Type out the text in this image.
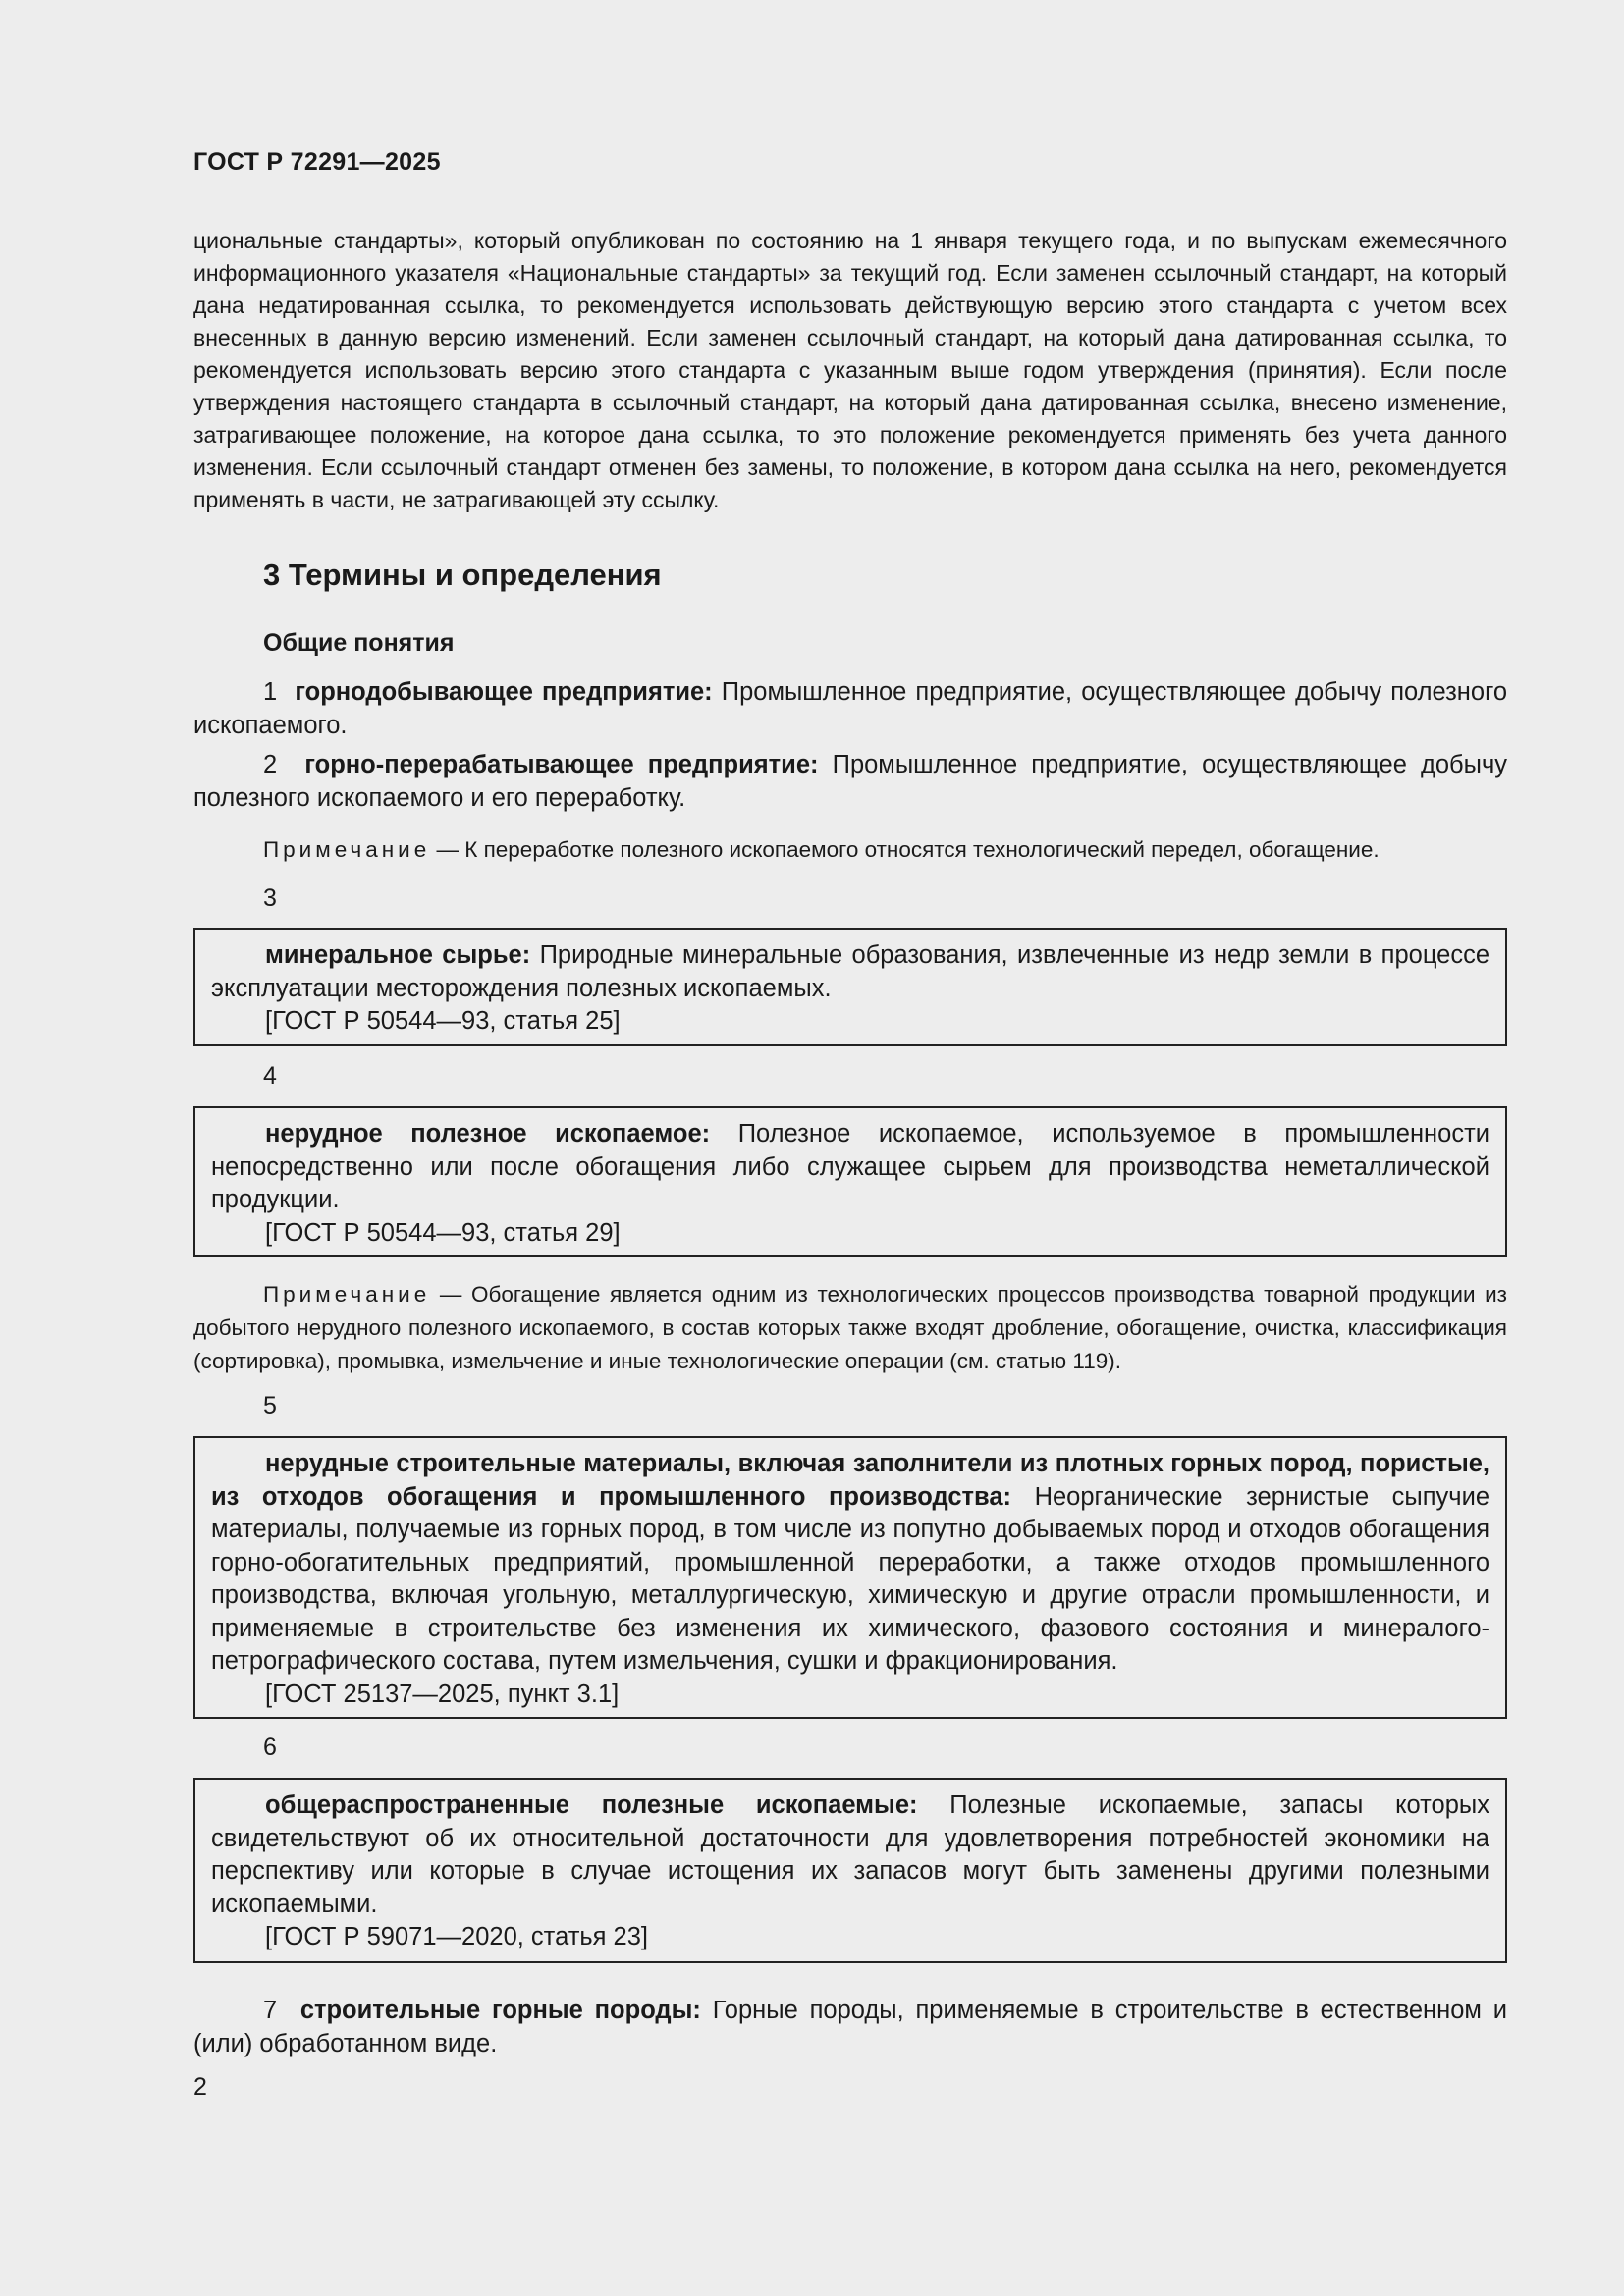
ГОСТ Р 72291—2025

циональные стандарты», который опубликован по состоянию на 1 января текущего года, и по выпускам ежемесячного информационного указателя «Национальные стандарты» за текущий год. Если заменен ссылочный стандарт, на который дана недатированная ссылка, то рекомендуется использовать действующую версию этого стандарта с учетом всех внесенных в данную версию изменений. Если заменен ссылочный стандарт, на который дана датированная ссылка, то рекомендуется использовать версию этого стандарта с указанным выше годом утверждения (принятия). Если после утверждения настоящего стандарта в ссылочный стандарт, на который дана датированная ссылка, внесено изменение, затрагивающее положение, на которое дана ссылка, то это положение рекомендуется применять без учета данного изменения. Если ссылочный стандарт отменен без замены, то положение, в котором дана ссылка на него, рекомендуется применять в части, не затрагивающей эту ссылку.

3 Термины и определения
Общие понятия

1 горнодобывающее предприятие: Промышленное предприятие, осуществляющее добычу полезного ископаемого.

2 горно-перерабатывающее предприятие: Промышленное предприятие, осуществляющее добычу полезного ископаемого и его переработку.

Примечание — К переработке полезного ископаемого относятся технологический передел, обогащение.

3

минеральное сырье: Природные минеральные образования, извлеченные из недр земли в процессе эксплуатации месторождения полезных ископаемых.

[ГОСТ Р 50544—93, статья 25]

4

нерудное полезное ископаемое: Полезное ископаемое, используемое в промышленности непосредственно или после обогащения либо служащее сырьем для производства неметаллической продукции.

[ГОСТ Р 50544—93, статья 29]

Примечание — Обогащение является одним из технологических процессов производства товарной продукции из добытого нерудного полезного ископаемого, в состав которых также входят дробление, обогащение, очистка, классификация (сортировка), промывка, измельчение и иные технологические операции (см. статью 119).

5

нерудные строительные материалы, включая заполнители из плотных горных пород, пористые, из отходов обогащения и промышленного производства: Неорганические зернистые сыпучие материалы, получаемые из горных пород, в том числе из попутно добываемых пород и отходов обогащения горно-обогатительных предприятий, промышленной переработки, а также отходов промышленного производства, включая угольную, металлургическую, химическую и другие отрасли промышленности, и применяемые в строительстве без изменения их химического, фазового состояния и минералого-петрографического состава, путем измельчения, сушки и фракционирования.

[ГОСТ 25137—2025, пункт 3.1]

6

общераспространенные полезные ископаемые: Полезные ископаемые, запасы которых свидетельствуют об их относительной достаточности для удовлетворения потребностей экономики на перспективу или которые в случае истощения их запасов могут быть заменены другими полезными ископаемыми.

[ГОСТ Р 59071—2020, статья 23]

7 строительные горные породы: Горные породы, применяемые в строительстве в естественном и (или) обработанном виде.

2
